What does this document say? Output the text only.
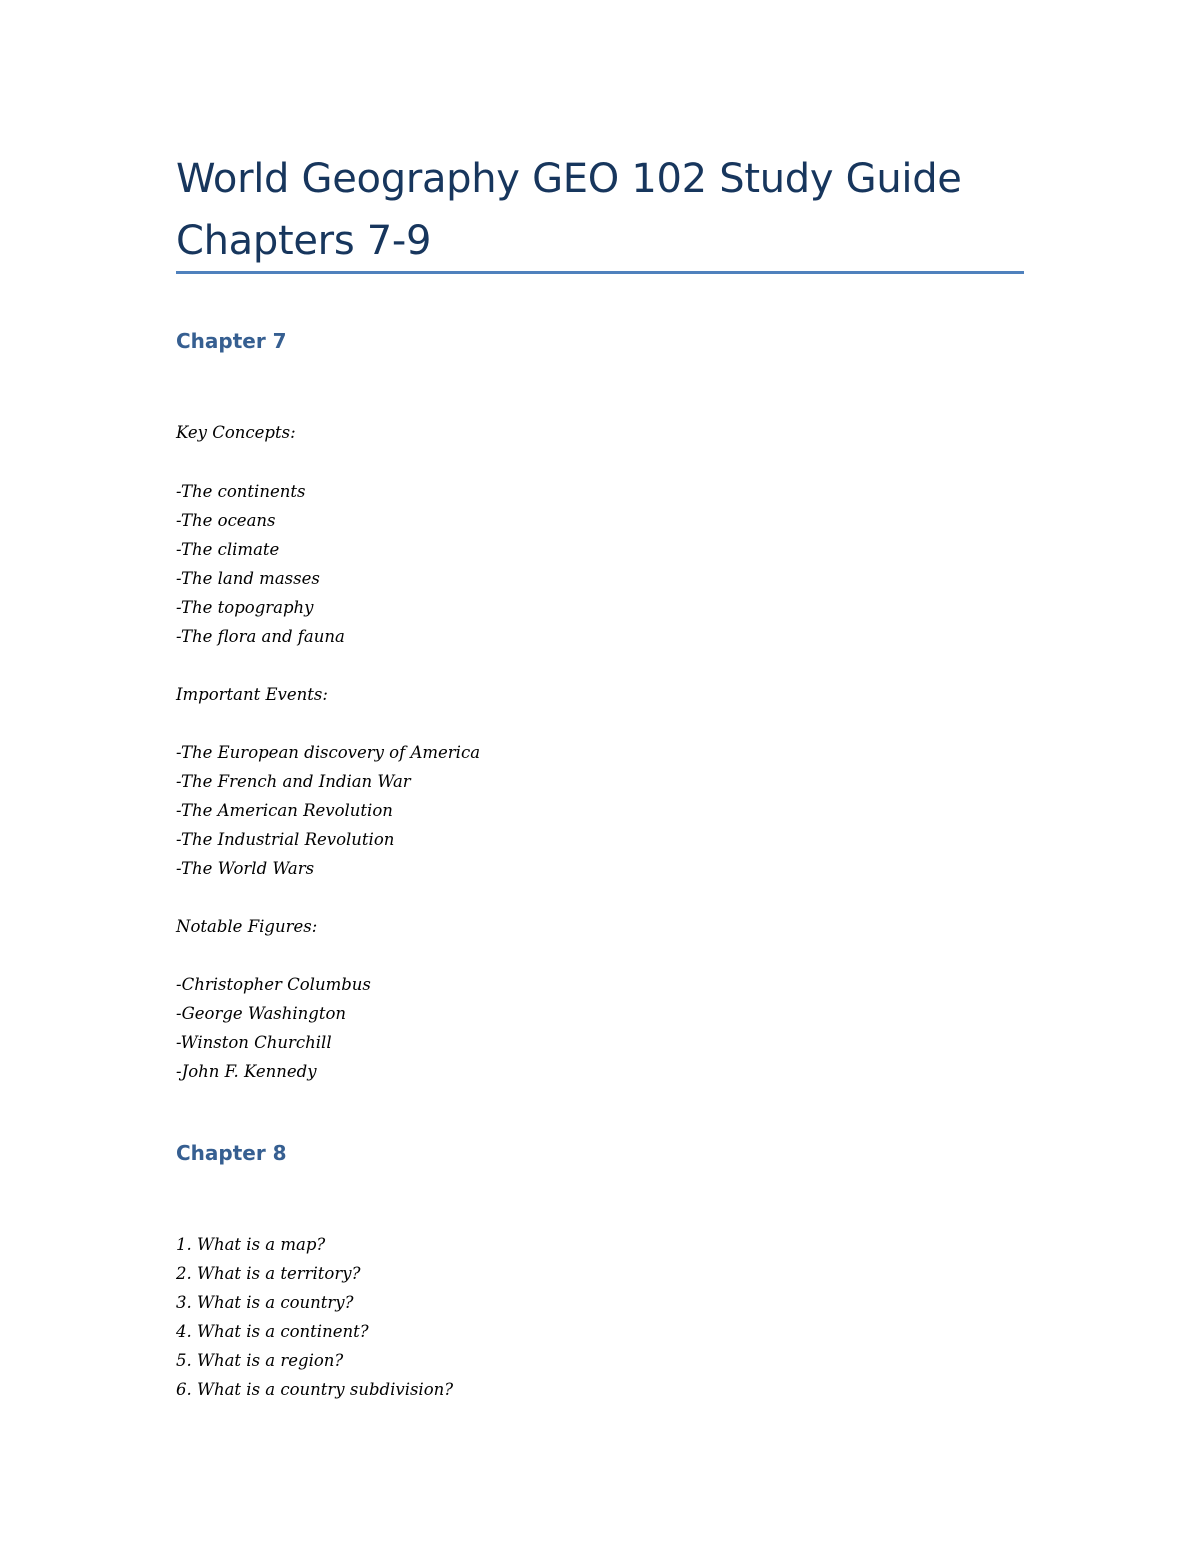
World Geography GEO 102 Study Guide
Chapters 7-9
Chapter 7

Key Concepts:

-The continents

-The oceans

-The climate

-The land masses

-The topography

-The flora and fauna

Important Events:

-The European discovery of America

-The French and Indian War

-The American Revolution

-The Industrial Revolution

-The World Wars

Notable Figures:

-Christopher Columbus

-George Washington

-Winston Churchill

-John F. Kennedy

Chapter 8

1. What is a map?

2. What is a territory?

3. What is a country?

4. What is a continent?

5. What is a region?

6. What is a country subdivision?
